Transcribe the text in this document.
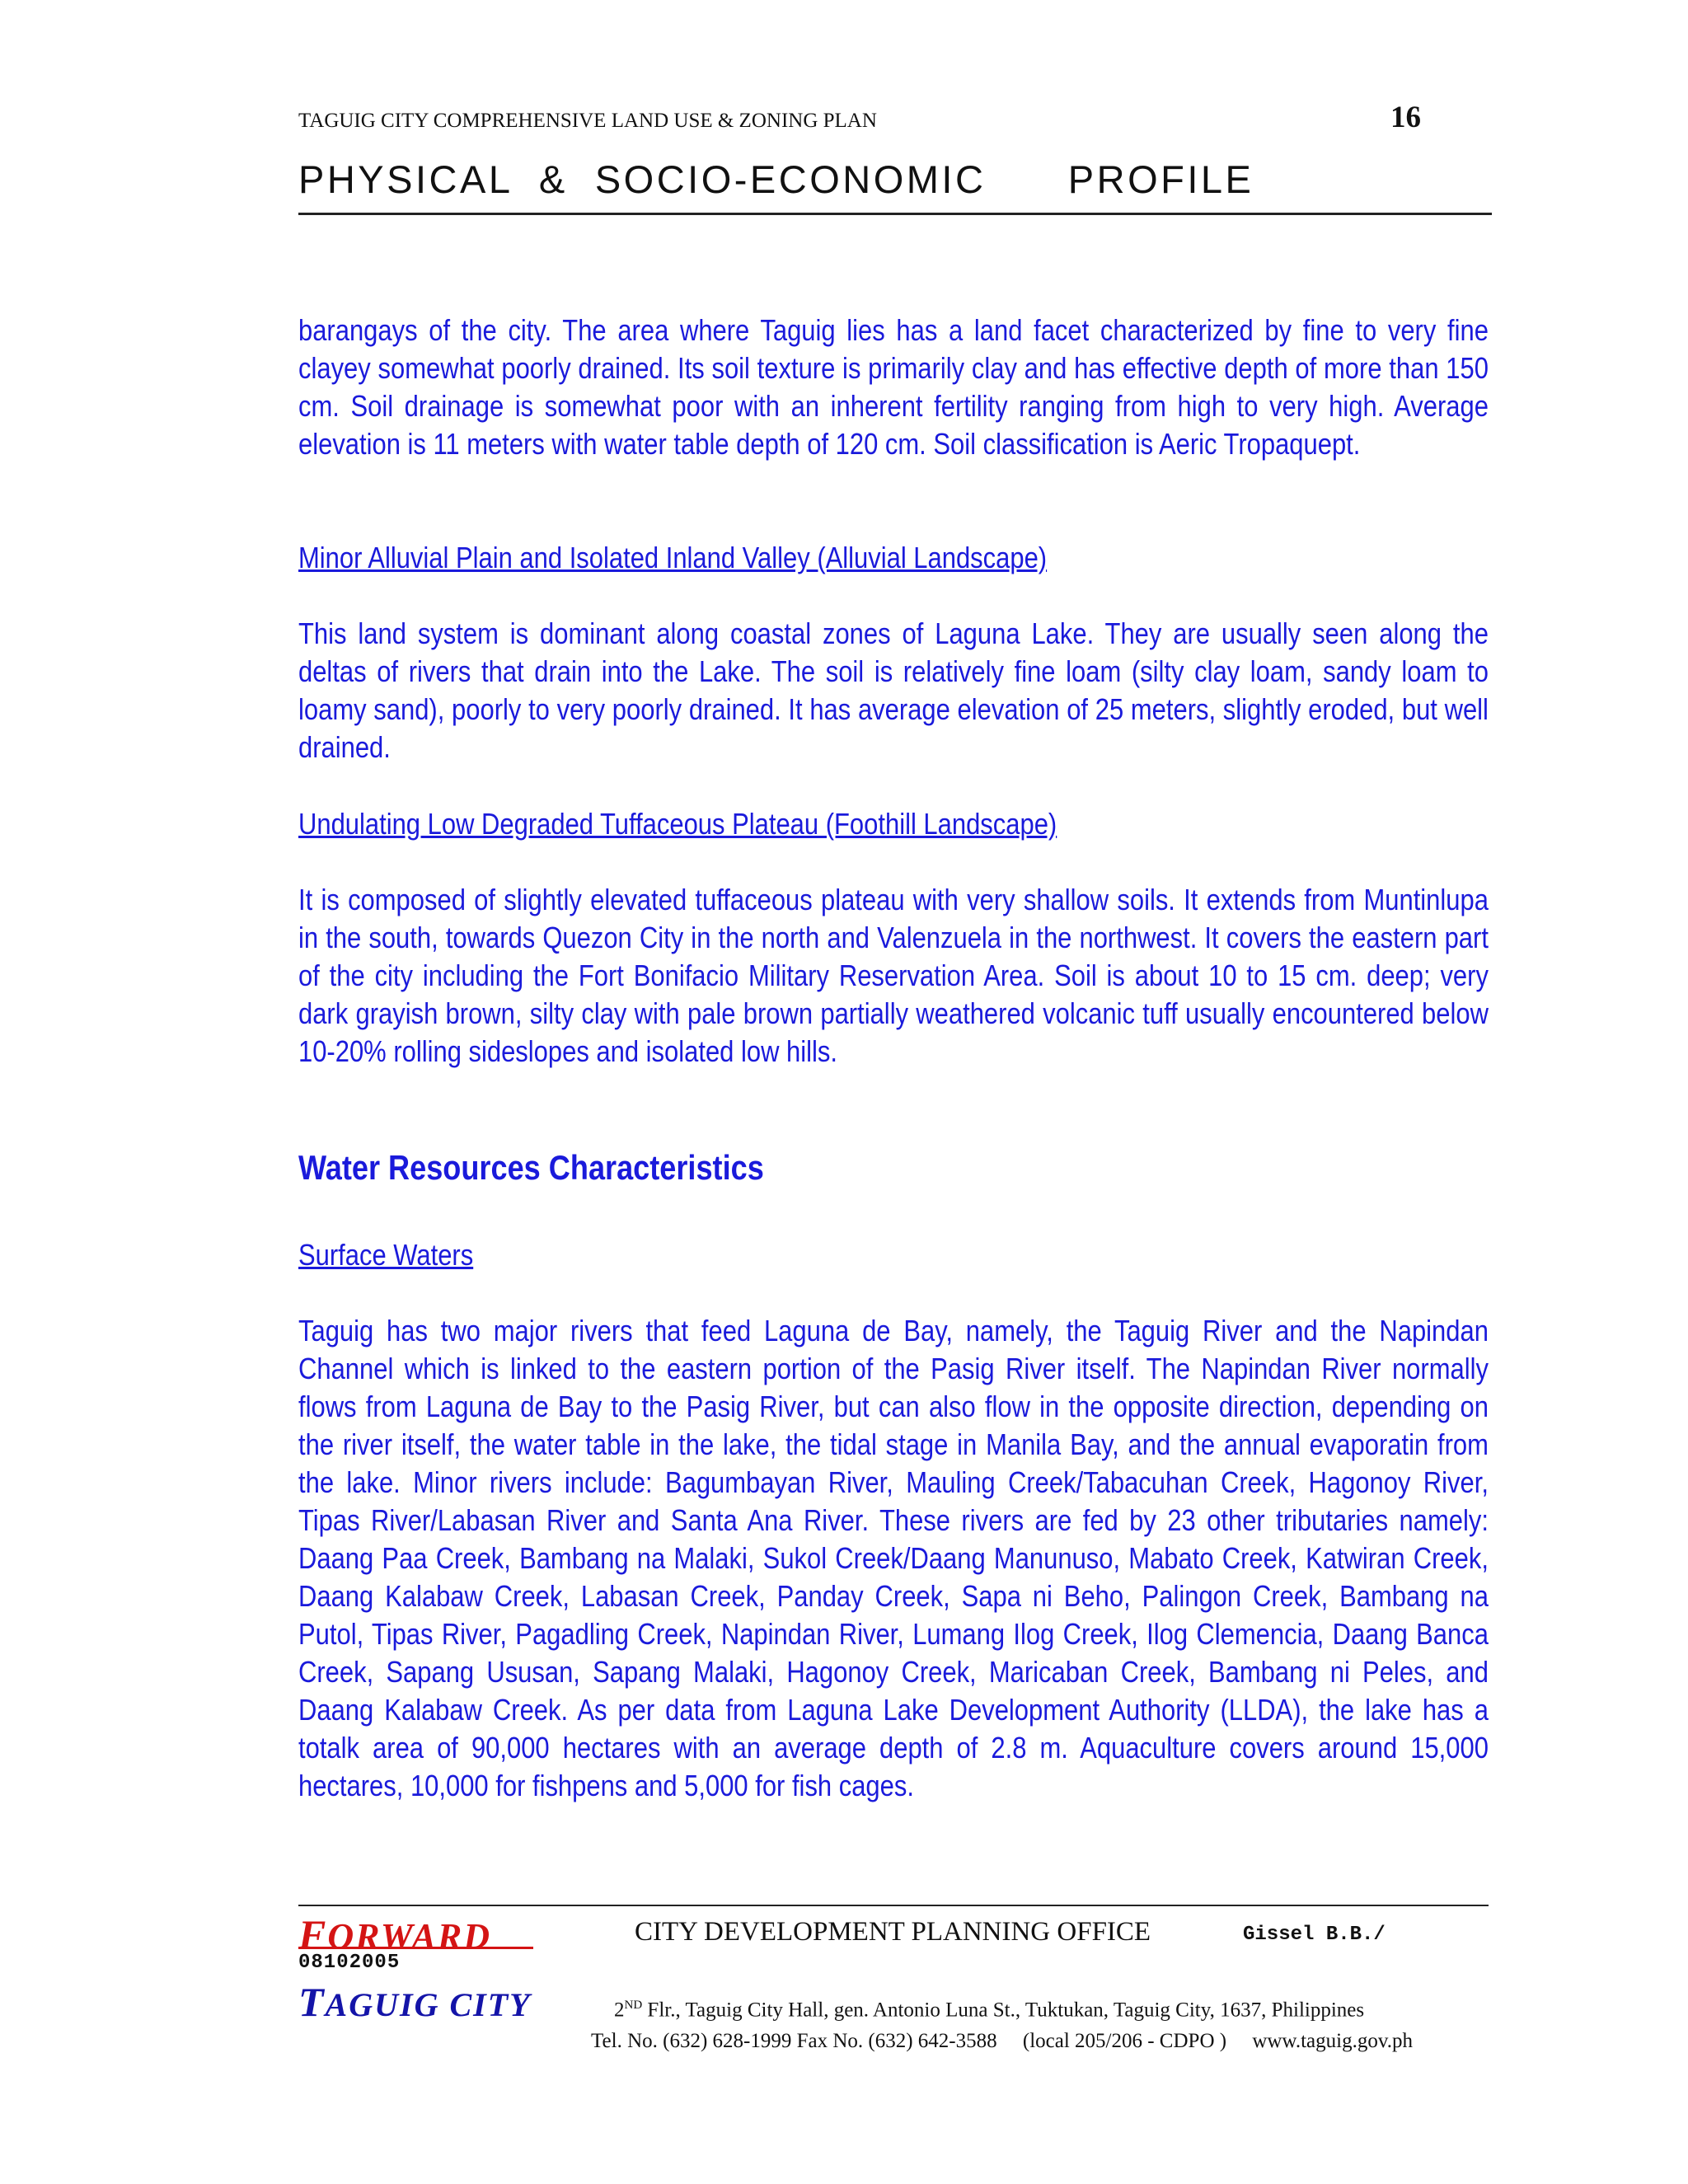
TAGUIG CITY COMPREHENSIVE LAND USE & ZONING PLAN	16
PHYSICAL  &  SOCIO-ECONOMIC      PROFILE
barangays of the city. The area where Taguig lies has a land facet characterized by fine to very fine clayey somewhat poorly drained. Its soil texture is primarily clay and has effective depth of more than 150 cm. Soil drainage is somewhat poor with an inherent fertility ranging from high to very high. Average elevation is 11 meters with water table depth of 120 cm. Soil classification is Aeric Tropaquept.
Minor Alluvial Plain and Isolated Inland Valley (Alluvial Landscape)
This land system is dominant along coastal zones of Laguna Lake. They are usually seen along the deltas of rivers that drain into the Lake. The soil is relatively fine loam (silty clay loam, sandy loam to loamy sand), poorly to very poorly drained. It has average elevation of 25 meters, slightly eroded, but well drained.
Undulating Low Degraded Tuffaceous Plateau (Foothill Landscape)
It is composed of slightly elevated tuffaceous plateau with very shallow soils. It extends from Muntinlupa in the south, towards Quezon City in the north and Valenzuela in the northwest. It covers the eastern part of the city including the Fort Bonifacio Military Reservation Area. Soil is about 10 to 15 cm. deep; very dark grayish brown, silty clay with pale brown partially weathered volcanic tuff usually encountered below 10-20% rolling sideslopes and isolated low hills.
Water Resources Characteristics
Surface Waters
Taguig has two major rivers that feed Laguna de Bay, namely, the Taguig River and the Napindan Channel which is linked to the eastern portion of the Pasig River itself. The Napindan River normally flows from Laguna de Bay to the Pasig River, but can also flow in the opposite direction, depending on the river itself, the water table in the lake, the tidal stage in Manila Bay, and the annual evaporatin from the lake. Minor rivers include: Bagumbayan River, Mauling Creek/Tabacuhan Creek, Hagonoy River, Tipas River/Labasan River and Santa Ana River. These rivers are fed by 23 other tributaries namely: Daang Paa Creek, Bambang na Malaki, Sukol Creek/Daang Manunuso, Mabato Creek, Katwiran Creek, Daang Kalabaw Creek, Labasan Creek, Panday Creek, Sapa ni Beho, Palingon Creek, Bambang na Putol, Tipas River, Pagadling Creek, Napindan River, Lumang Ilog Creek, Ilog Clemencia, Daang Banca Creek, Sapang Ususan, Sapang Malaki, Hagonoy Creek, Maricaban Creek, Bambang ni Peles, and Daang Kalabaw Creek. As per data from Laguna Lake Development Authority (LLDA), the lake has a totalk area of 90,000 hectares with an average depth of 2.8 m. Aquaculture covers around 15,000 hectares, 10,000 for fishpens and 5,000 for fish cages.
FORWARD
08102005
TAGUIG CITY
CITY DEVELOPMENT PLANNING OFFICE	Gissel B.B./
2ND Flr., Taguig City Hall, gen. Antonio Luna St., Tuktukan, Taguig City, 1637, Philippines
Tel. No. (632) 628-1999 Fax No. (632) 642-3588     (local 205/206 - CDPO )     www.taguig.gov.ph
